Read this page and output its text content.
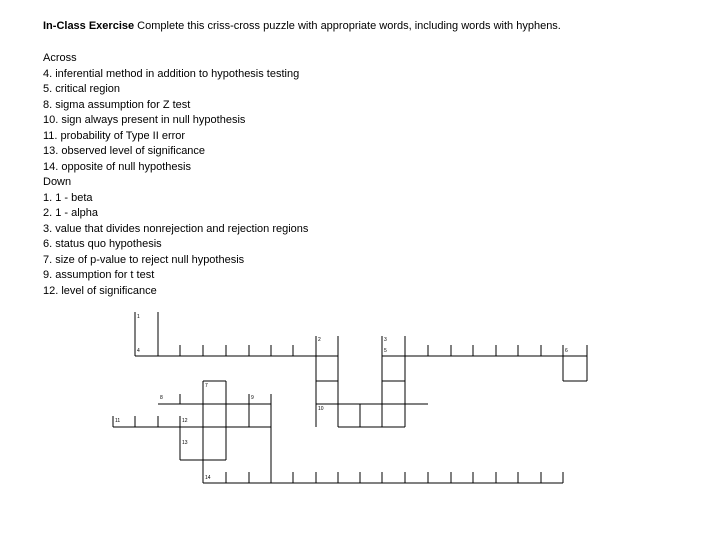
In-Class Exercise Complete this criss-cross puzzle with appropriate words, including words with hyphens.
Across
4. inferential method in addition to hypothesis testing
5. critical region
8. sigma assumption for Z test
10. sign always present in null hypothesis
11. probability of Type II error
13. observed level of significance
14. opposite of null hypothesis
Down
1. 1 - beta
2. 1 - alpha
3. value that divides nonrejection and rejection regions
6. status quo hypothesis
7. size of p-value to reject null hypothesis
9. assumption for t test
12. level of significance
1
2	3
4	5	6
7
8	9
10
11	12
13
14
